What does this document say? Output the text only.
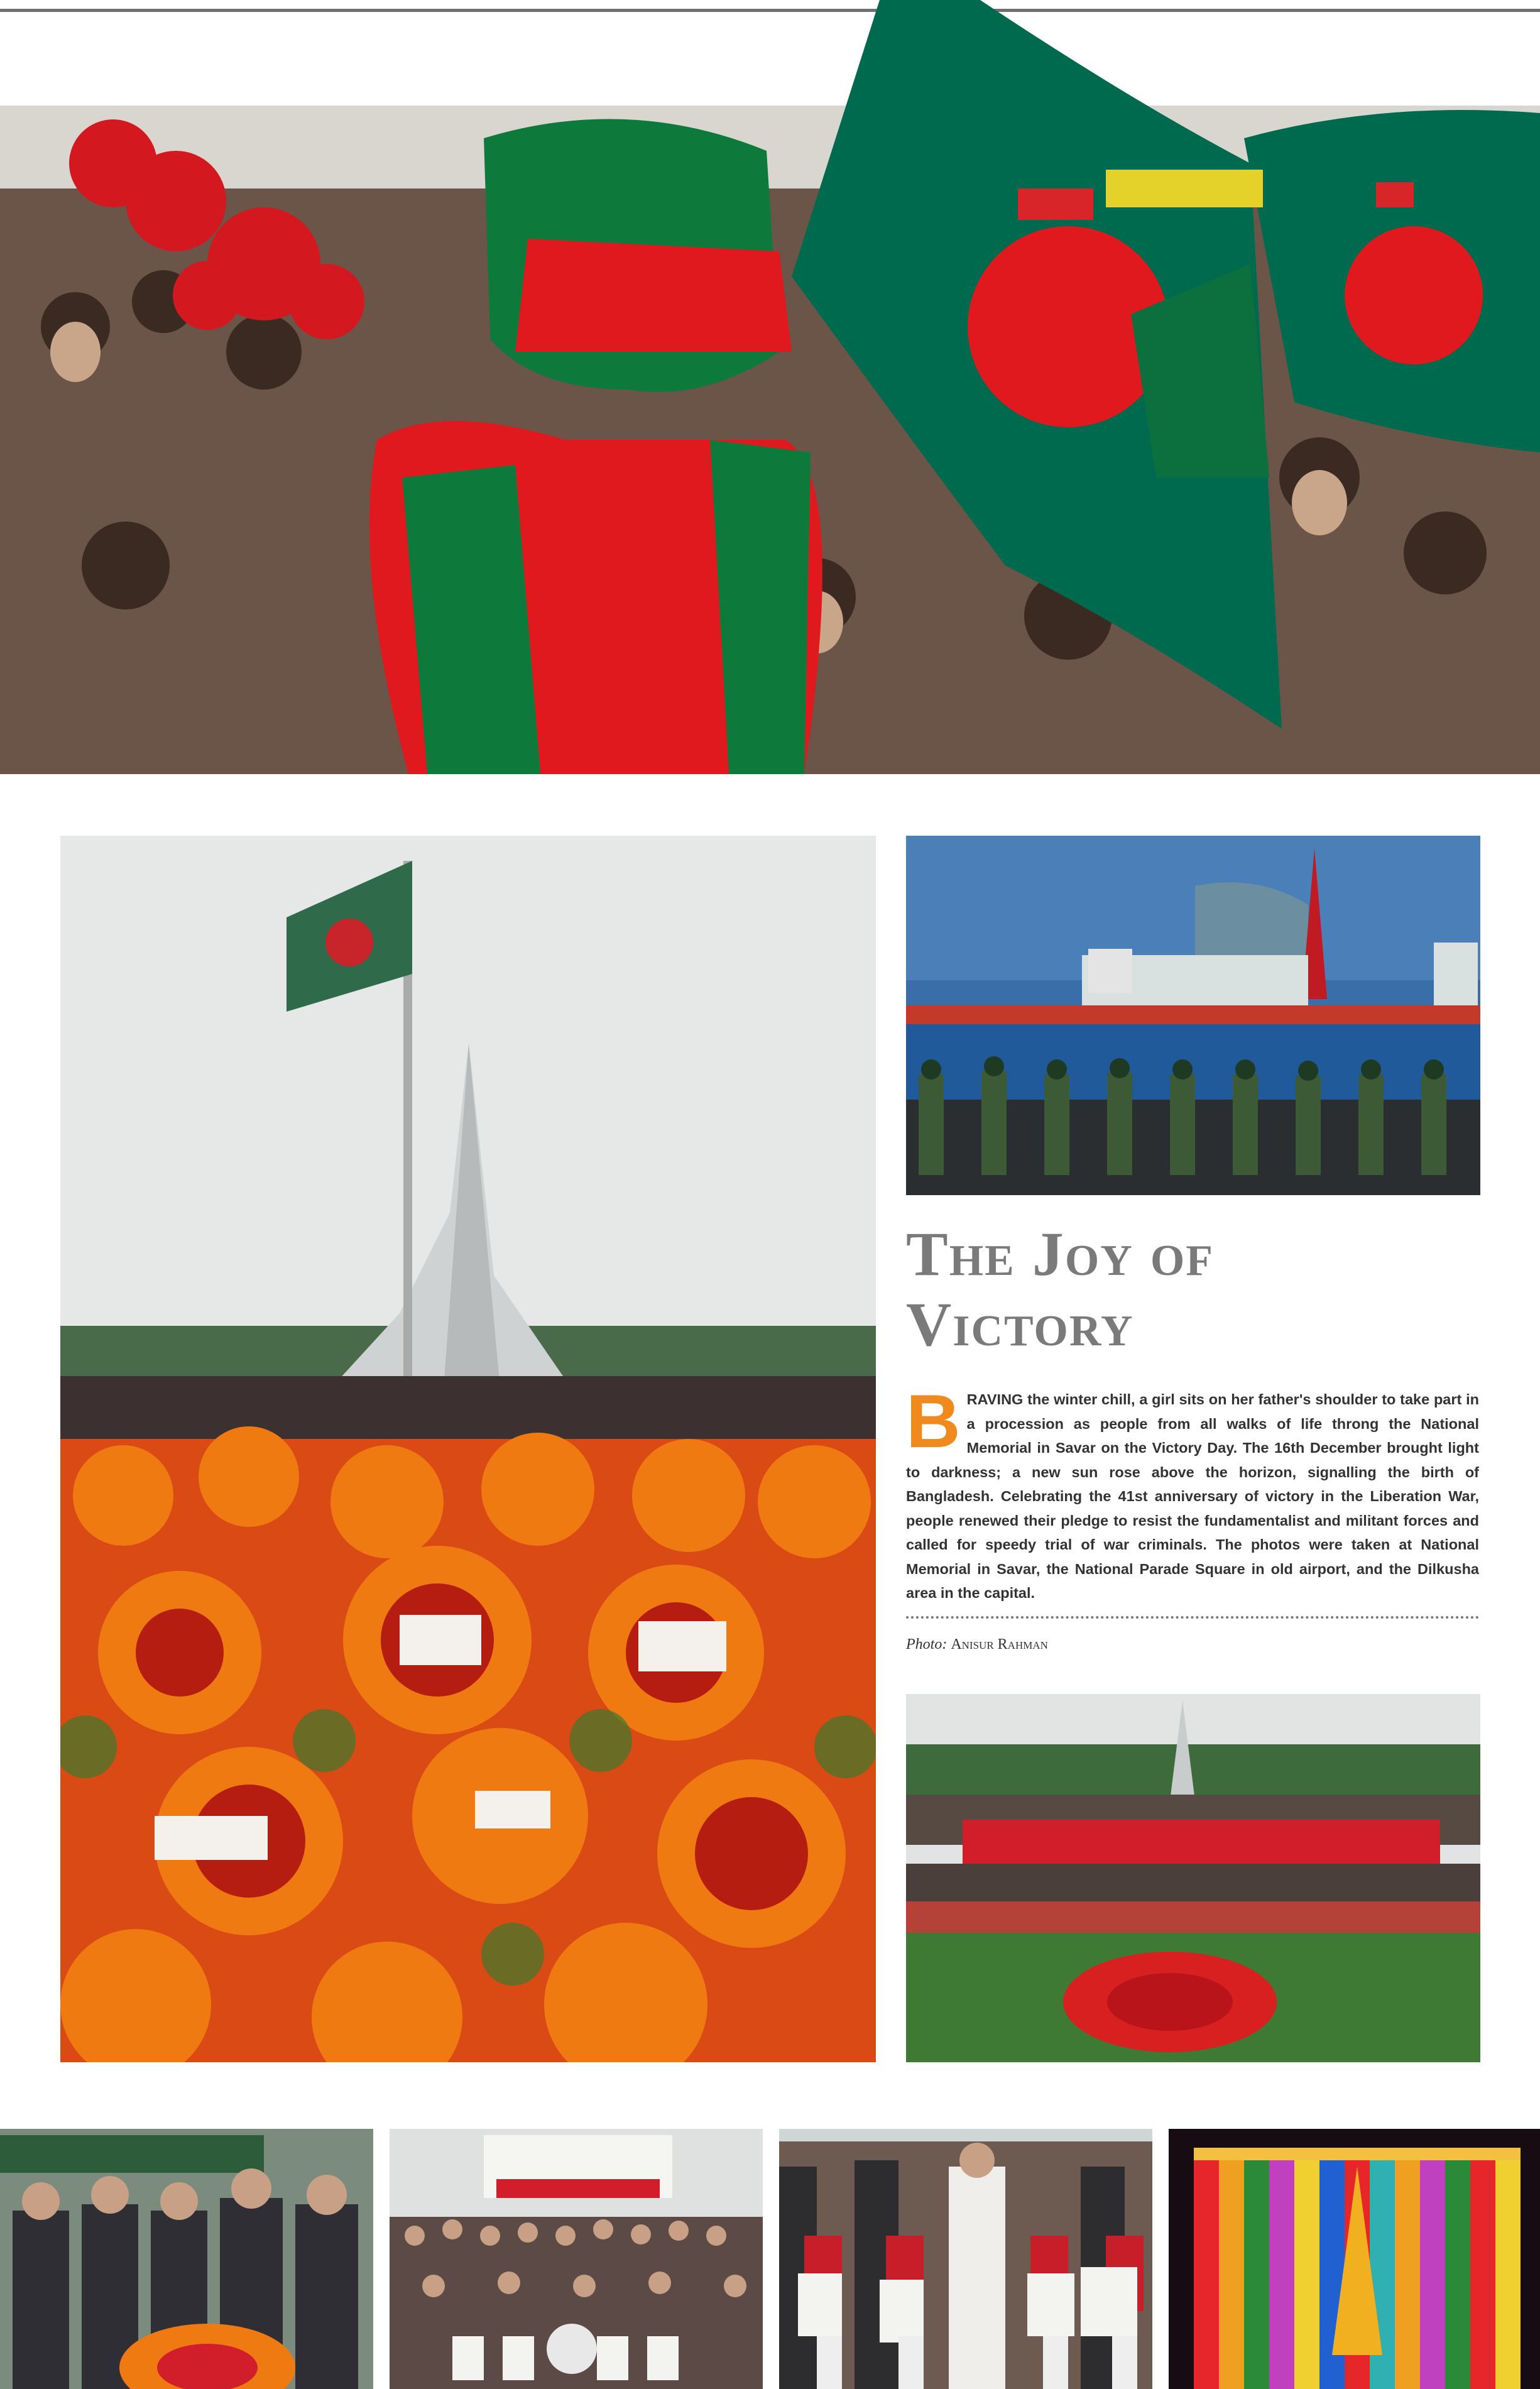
The Joy of

Victory

BRAVING the winter chill, a girl sits on her father's shoulder to take part in a procession as people from all walks of life throng the National Memorial in Savar on the Victory Day. The 16th December brought light to darkness; a new sun rose above the horizon, signalling the birth of Bangladesh. Celebrating the 41st anniversary of victory in the Liberation War, people renewed their pledge to resist the fundamentalist and militant forces and called for speedy trial of war criminals. The photos were taken at National Memorial in Savar, the National Parade Square in old airport, and the Dilkusha area in the capital.
Photo: Anisur Rahman
